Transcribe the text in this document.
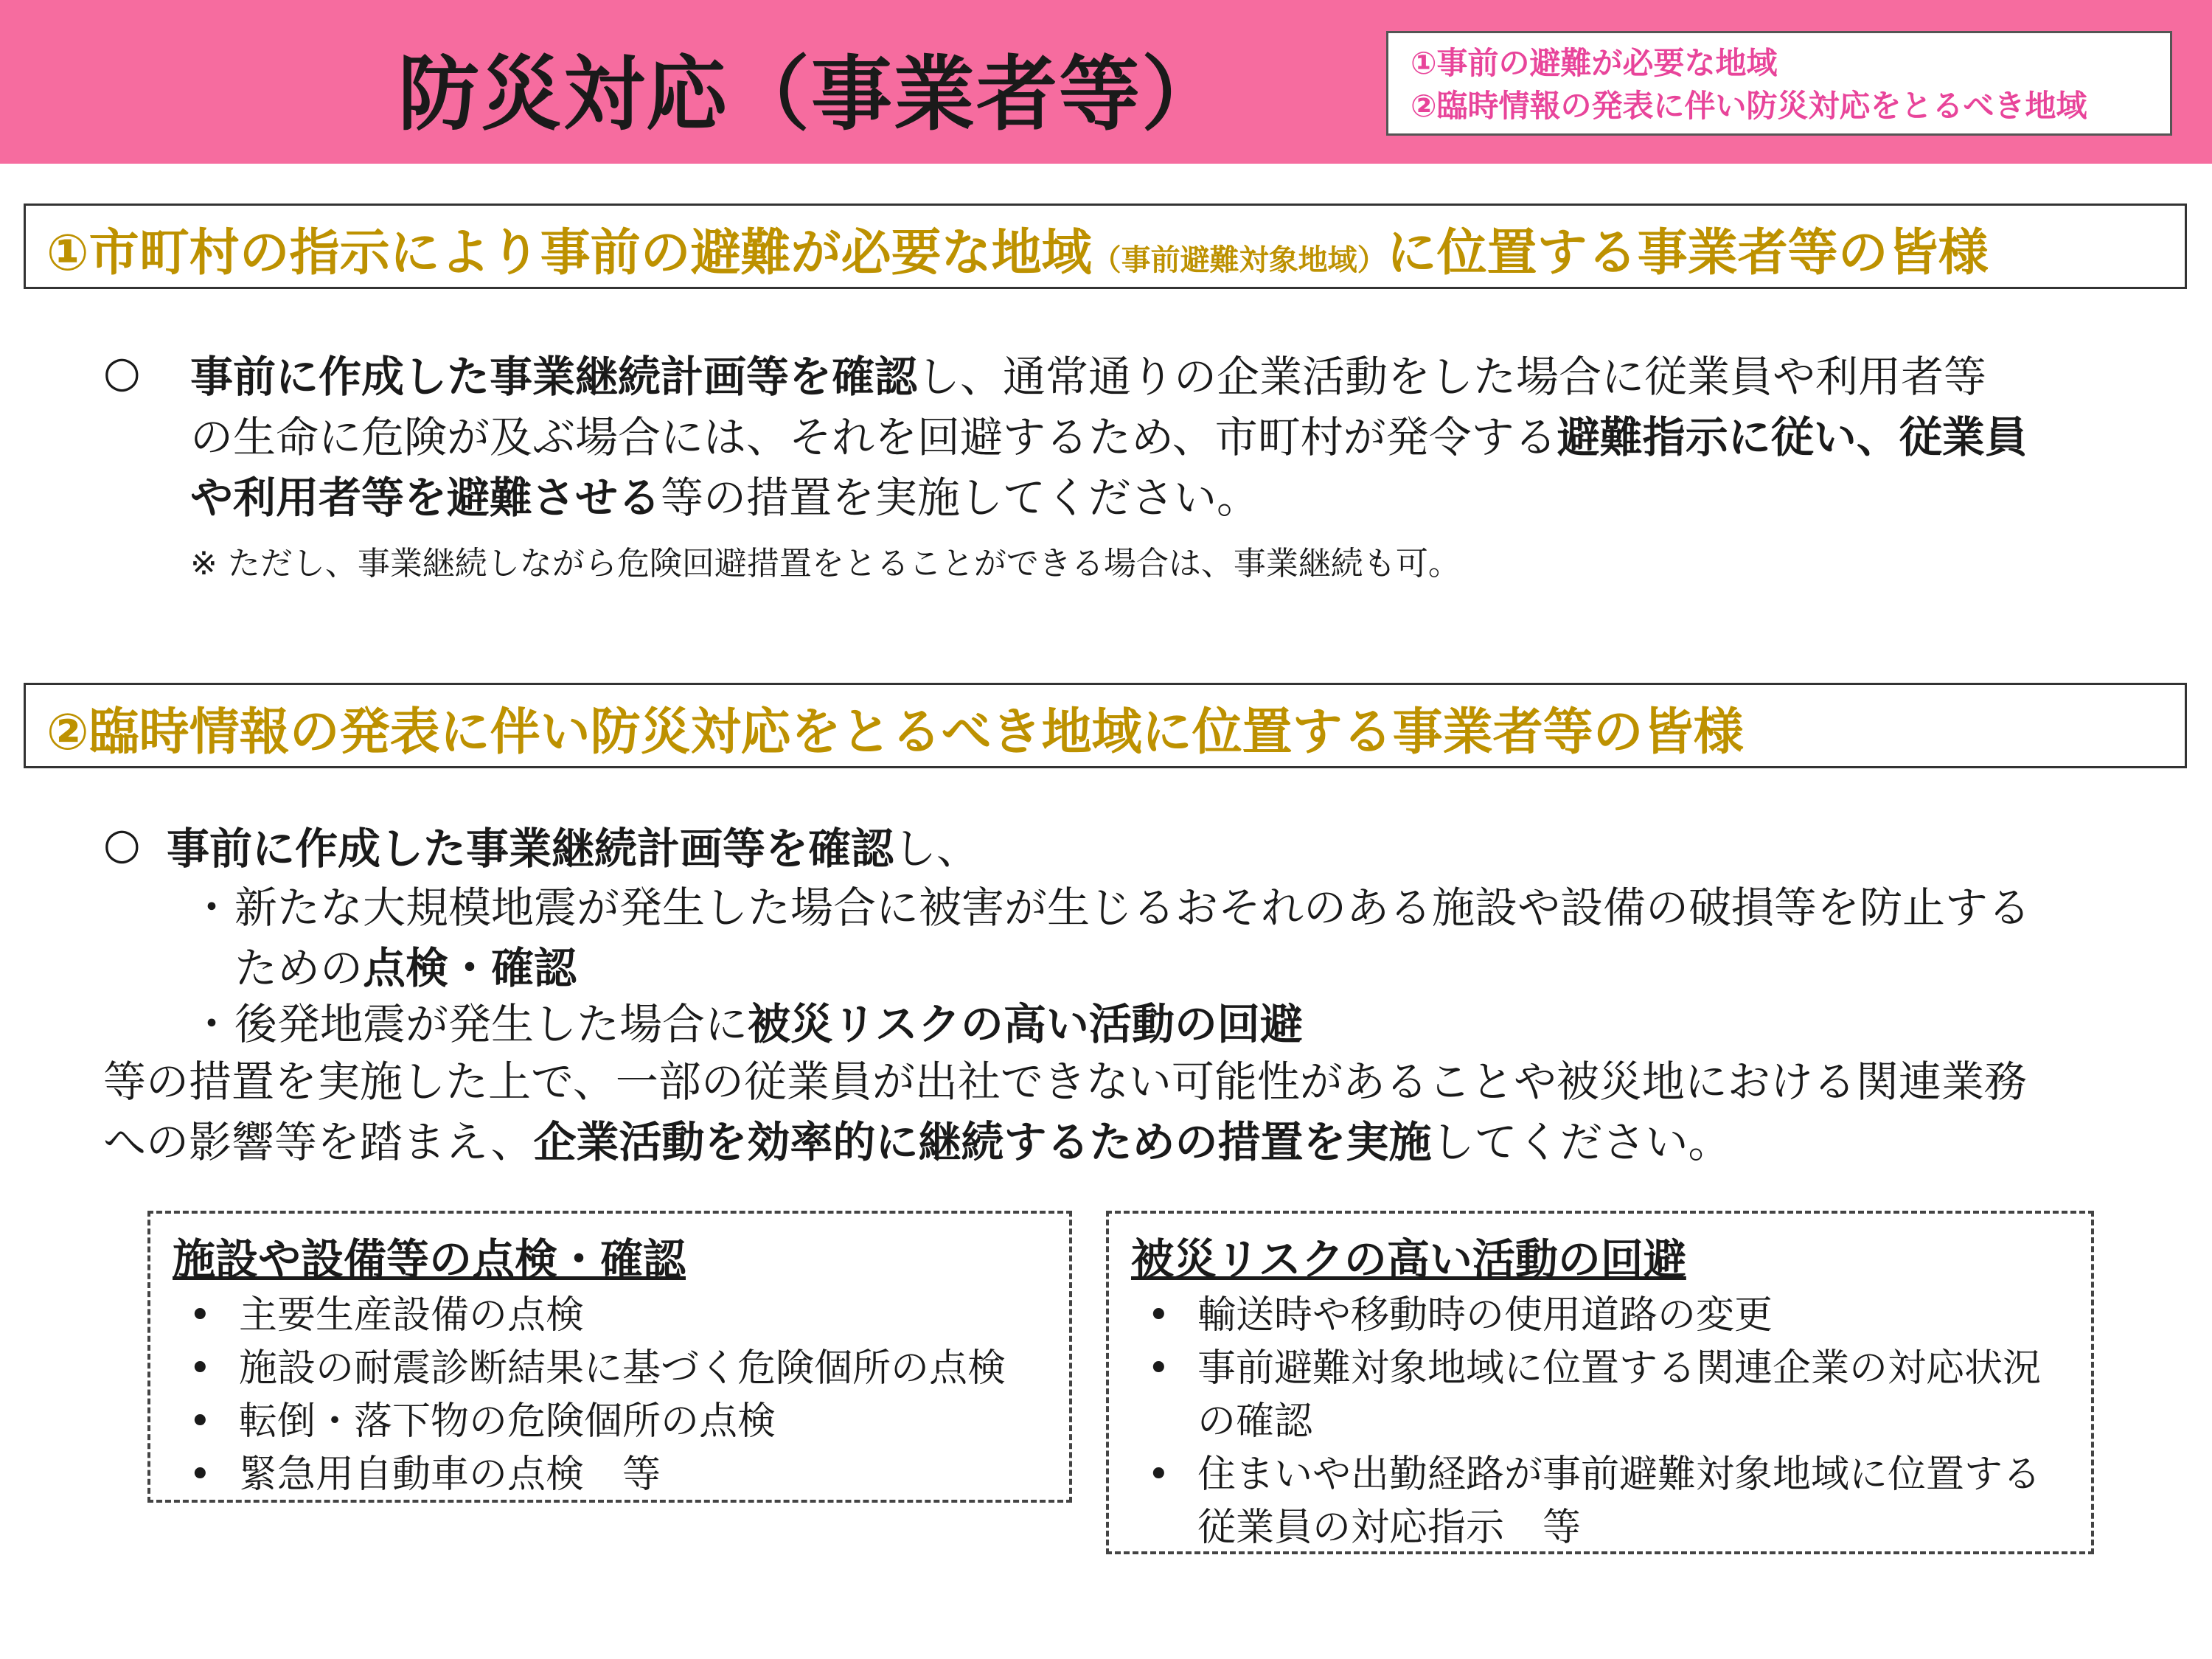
防災対応（事業者等）	①事前の避難が必要な地域
②臨時情報の発表に伴い防災対応をとるべき地域
①市町村の指示により事前の避難が必要な地域（事前避難対象地域）に位置する事業者等の皆様
○ 事前に作成した事業継続計画等を確認し、通常通りの企業活動をした場合に従業員や利用者等
の生命に危険が及ぶ場合には、それを回避するため、市町村が発令する避難指示に従い、従業員
や利用者等を避難させる等の措置を実施してください。
※ ただし、事業継続しながら危険回避措置をとることができる場合は、事業継続も可。
②臨時情報の発表に伴い防災対応をとるべき地域に位置する事業者等の皆様
○ 事前に作成した事業継続計画等を確認し、
・ 新たな大規模地震が発生した場合に被害が生じるおそれのある施設や設備の破損等を防止する
ための点検・確認
・ 後発地震が発生した場合に被災リスクの高い活動の回避
等の措置を実施した上で、一部の従業員が出社できない可能性があることや被災地における関連業務
への影響等を踏まえ、企業活動を効率的に継続するための措置を実施してください。
施設や設備等の点検・確認
• 主要生産設備の点検
• 施設の耐震診断結果に基づく危険個所の点検
• 転倒・落下物の危険個所の点検
• 緊急用自動車の点検　等
被災リスクの高い活動の回避
• 輸送時や移動時の使用道路の変更
• 事前避難対象地域に位置する関連企業の対応状況の確認
• 住まいや出勤経路が事前避難対象地域に位置する従業員の対応指示　等
